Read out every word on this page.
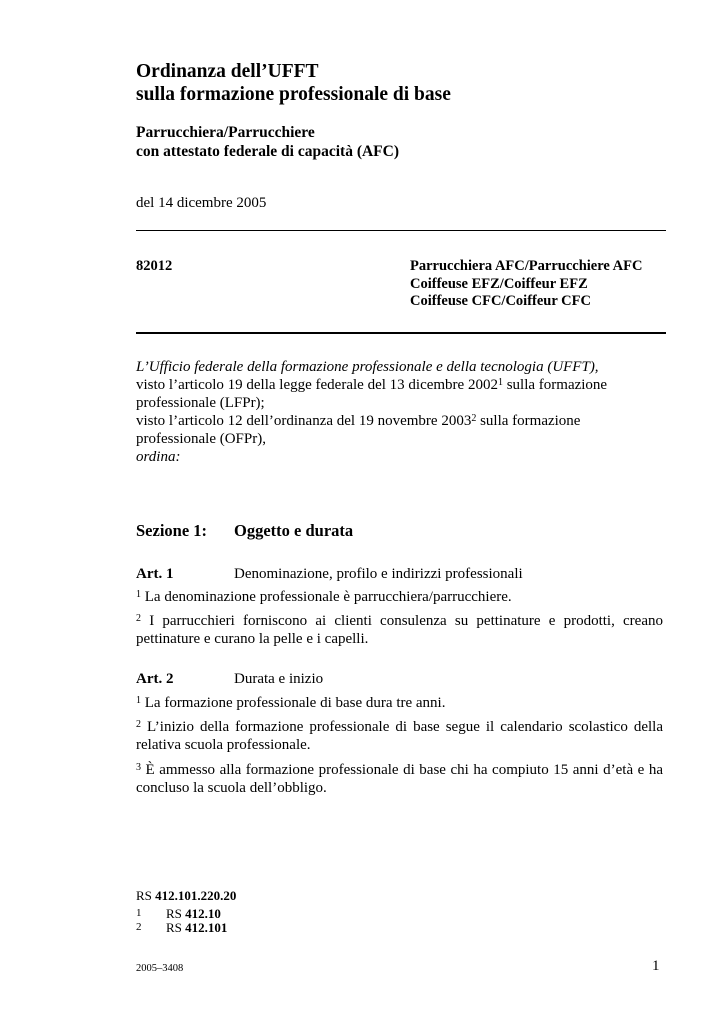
Ordinanza dell’UFFT
sulla formazione professionale di base
Parrucchiera/Parrucchiere
con attestato federale di capacità (AFC)
del 14 dicembre 2005
82012	Parrucchiera AFC/Parrucchiere AFC
Coiffeuse EFZ/Coiffeur EFZ
Coiffeuse CFC/Coiffeur CFC
L’Ufficio federale della formazione professionale e della tecnologia (UFFT),
visto l’articolo 19 della legge federale del 13 dicembre 2002$^1$ sulla formazione
professionale (LFPr);
visto l’articolo 12 dell’ordinanza del 19 novembre 2003$^2$ sulla formazione
professionale (OFPr),
ordina:
Sezione 1: Oggetto e durata
Art. 1	Denominazione, profilo e indirizzi professionali
$^1$ La denominazione professionale è parrucchiera/parrucchiere.
$^2$ I parrucchieri forniscono ai clienti consulenza su pettinature e prodotti, creano pettinature e curano la pelle e i capelli.
Art. 2	Durata e inizio
$^1$ La formazione professionale di base dura tre anni.
$^2$ L’inizio della formazione professionale di base segue il calendario scolastico della relativa scuola professionale.
$^3$ È ammesso alla formazione professionale di base chi ha compiuto 15 anni d’età e ha concluso la scuola dell’obbligo.
RS 412.101.220.20
1 RS 412.10
2 RS 412.101
2005–3408	1
